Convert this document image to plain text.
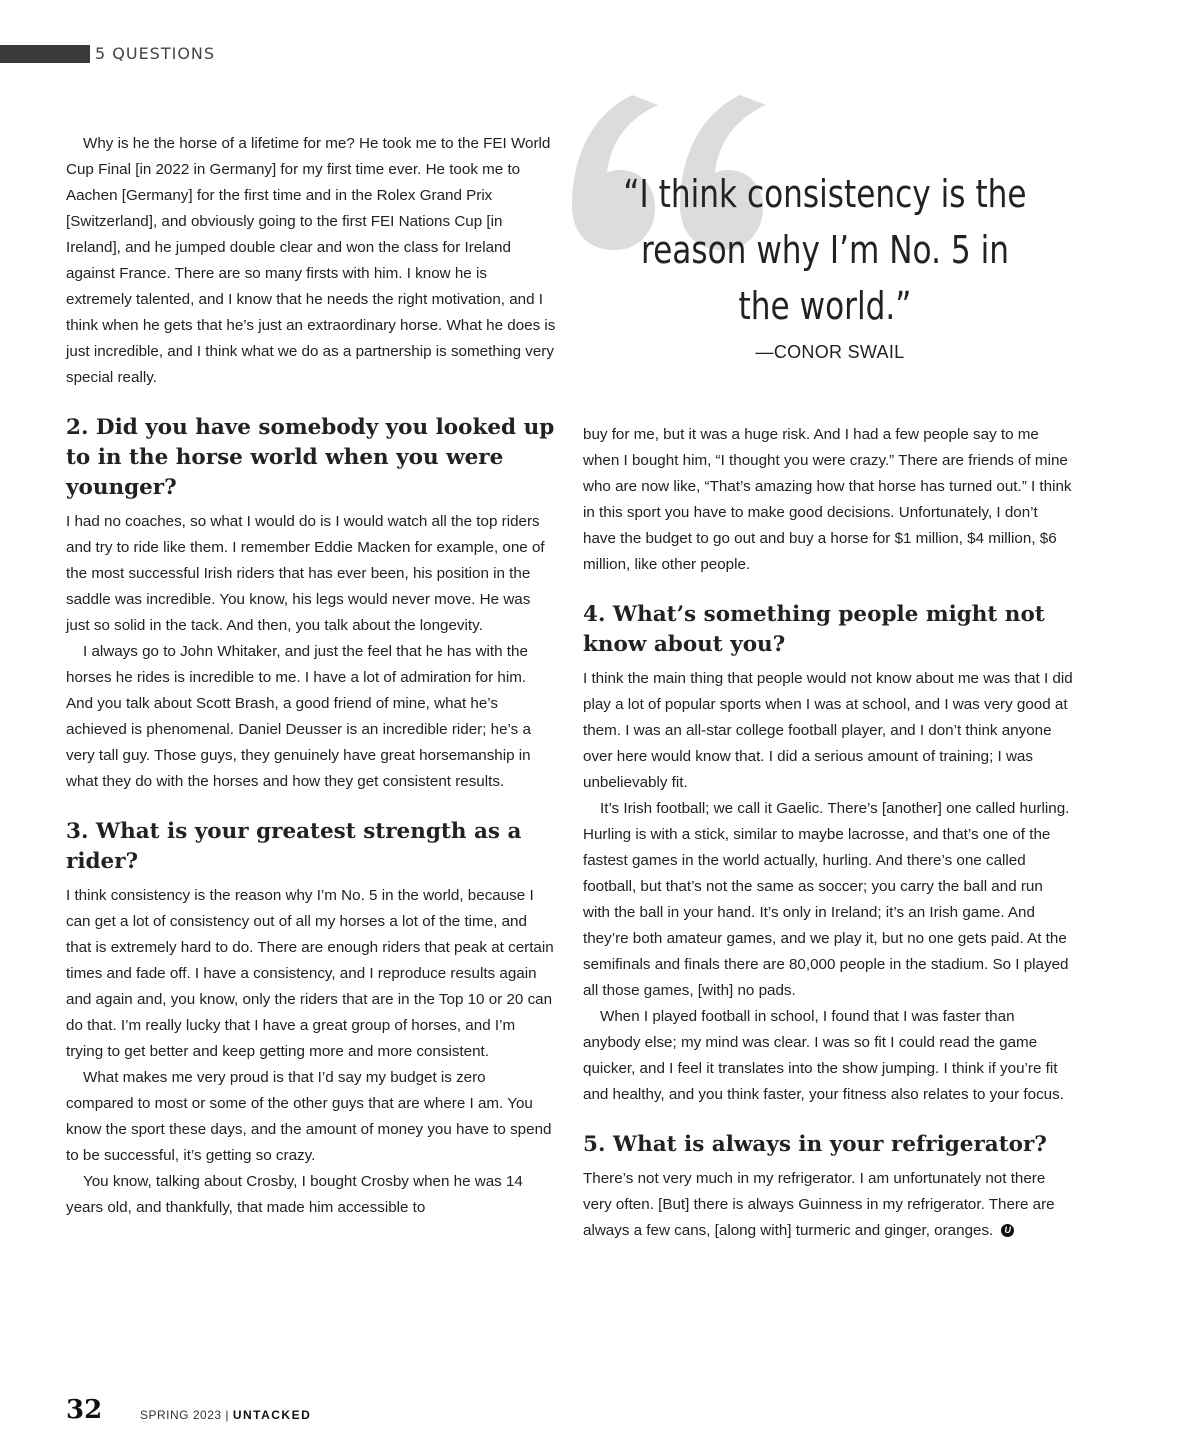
5 QUESTIONS
“I think consistency is the
reason why I’m No. 5 in
the world.”
—CONOR SWAIL

Why is he the horse of a lifetime for me? He took me to the FEI World Cup Final [in 2022 in Germany] for my first time ever. He took me to Aachen [Germany] for the first time and in the Rolex Grand Prix [Switzerland], and obviously going to the first FEI Nations Cup [in Ireland], and he jumped double clear and won the class for Ireland against France. There are so many firsts with him. I know he is extremely talented, and I know that he needs the right motivation, and I think when he gets that he’s just an extraordinary horse. What he does is just incredible, and I think what we do as a partnership is something very special really.

2. Did you have somebody you looked up to in the horse world when you were younger?

I had no coaches, so what I would do is I would watch all the top riders and try to ride like them. I remember Eddie Macken for example, one of the most successful Irish riders that has ever been, his position in the saddle was incredible. You know, his legs would never move. He was just so solid in the tack. And then, you talk about the longevity.

I always go to John Whitaker, and just the feel that he has with the horses he rides is incredible to me. I have a lot of admiration for him. And you talk about Scott Brash, a good friend of mine, what he’s achieved is phenomenal. Daniel Deusser is an incredible rider; he’s a very tall guy. Those guys, they genuinely have great horsemanship in what they do with the horses and how they get consistent results.

3. What is your greatest strength as a rider?

I think consistency is the reason why I’m No. 5 in the world, because I can get a lot of consistency out of all my horses a lot of the time, and that is extremely hard to do. There are enough riders that peak at certain times and fade off. I have a consistency, and I reproduce results again and again and, you know, only the riders that are in the Top 10 or 20 can do that. I’m really lucky that I have a great group of horses, and I’m trying to get better and keep getting more and more consistent.

What makes me very proud is that I’d say my budget is zero compared to most or some of the other guys that are where I am. You know the sport these days, and the amount of money you have to spend to be successful, it’s getting so crazy.

You know, talking about Crosby, I bought Crosby when he was 14 years old, and thankfully, that made him accessible to

buy for me, but it was a huge risk. And I had a few people say to me when I bought him, “I thought you were crazy.” There are friends of mine who are now like, “That’s amazing how that horse has turned out.” I think in this sport you have to make good decisions. Unfortunately, I don’t have the budget to go out and buy a horse for $1 million, $4 million, $6 million, like other people.

4. What’s something people might not know about you?

I think the main thing that people would not know about me was that I did play a lot of popular sports when I was at school, and I was very good at them. I was an all-star college football player, and I don’t think anyone over here would know that. I did a serious amount of training; I was unbelievably fit.

It’s Irish football; we call it Gaelic. There’s [another] one called hurling. Hurling is with a stick, similar to maybe lacrosse, and that’s one of the fastest games in the world actually, hurling. And there’s one called football, but that’s not the same as soccer; you carry the ball and run with the ball in your hand. It’s only in Ireland; it’s an Irish game. And they’re both amateur games, and we play it, but no one gets paid. At the semifinals and finals there are 80,000 people in the stadium. So I played all those games, [with] no pads.

When I played football in school, I found that I was faster than anybody else; my mind was clear. I was so fit I could read the game quicker, and I feel it translates into the show jumping. I think if you’re fit and healthy, and you think faster, your fitness also relates to your focus.

5. What is always in your refrigerator?

There’s not very much in my refrigerator. I am unfortunately not there very often. [But] there is always Guinness in my refrigerator. There are always a few cans, [along with] turmeric and ginger, oranges. U

32	SPRING 2023 | UNTACKED
